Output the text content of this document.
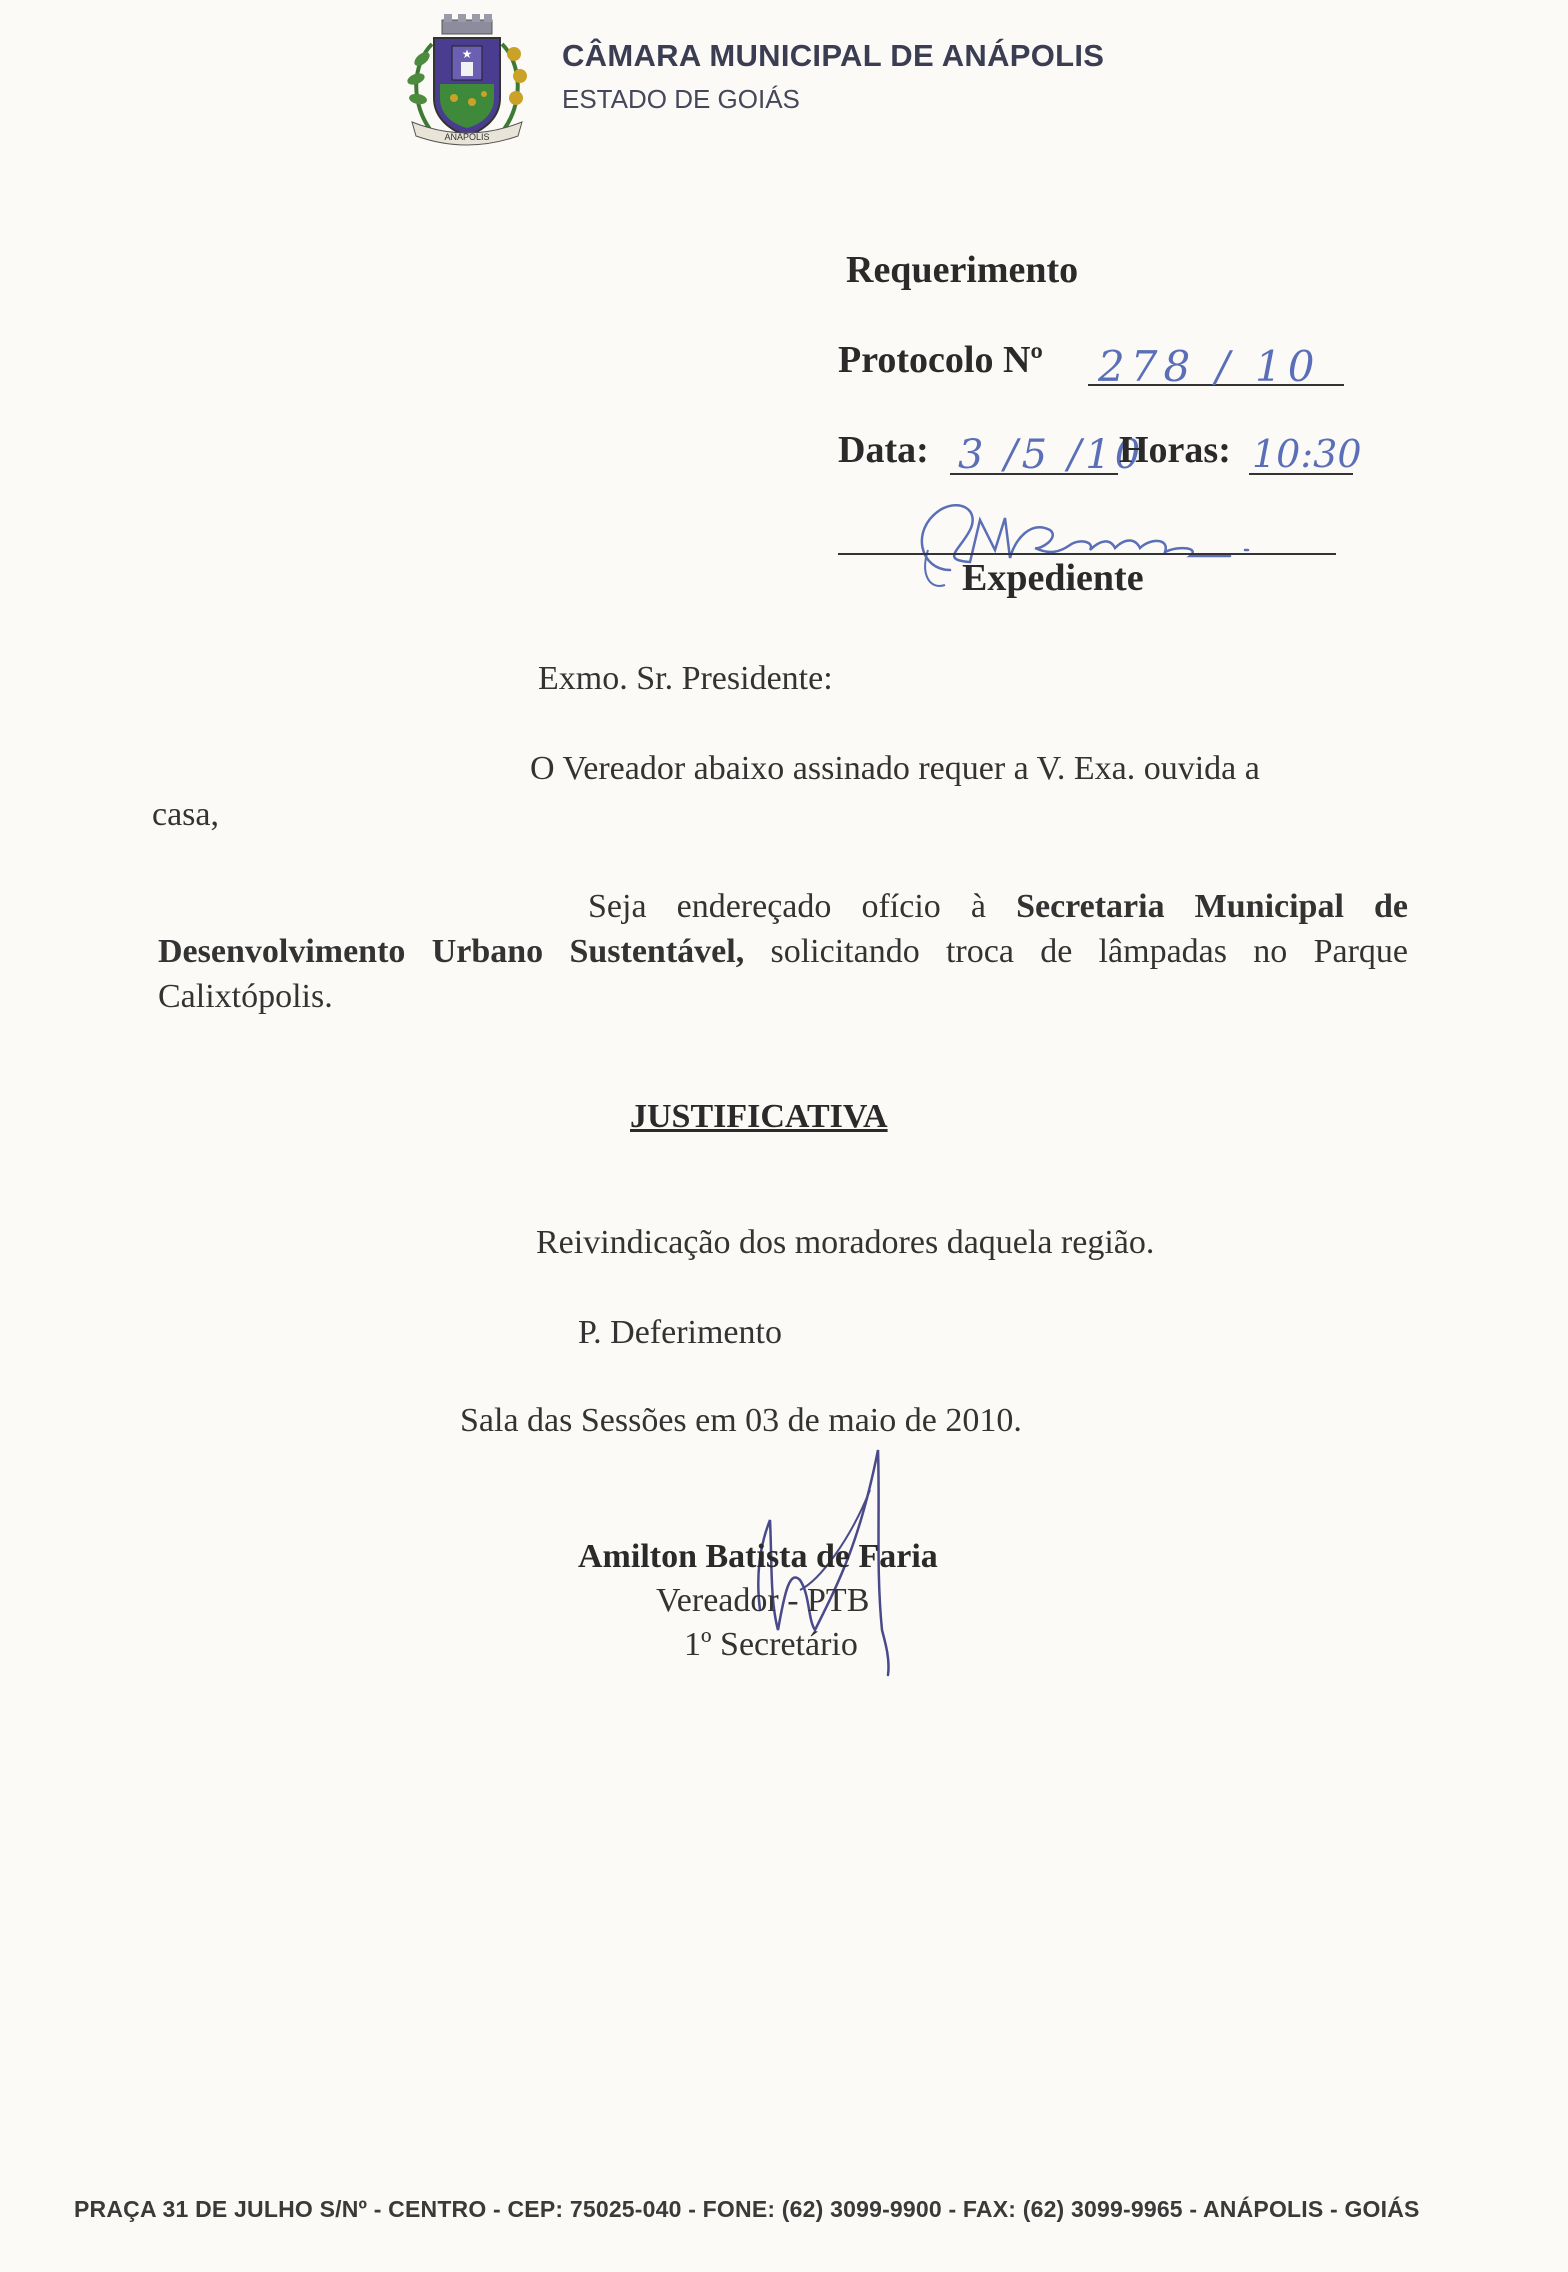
★
ANÁPOLIS
CÂMARA MUNICIPAL DE ANÁPOLIS
ESTADO DE GOIÁS
Requerimento
Protocolo Nº 278 / 10
Data: 3 /5 /10
Horas: 10:30
Expediente
Exmo. Sr. Presidente:
O Vereador abaixo assinado requer a V. Exa. ouvida a
casa,
Seja endereçado ofício à Secretaria Municipal de Desenvolvimento Urbano Sustentável, solicitando troca de lâmpadas no Parque Calixtópolis.
JUSTIFICATIVA
Reivindicação dos moradores daquela região.
P. Deferimento
Sala das Sessões em 03 de maio de 2010.
Amilton Batista de Faria
Vereador - PTB
1º Secretário
PRAÇA 31 DE JULHO S/Nº - CENTRO - CEP: 75025-040 - FONE: (62) 3099-9900 - FAX: (62) 3099-9965 - ANÁPOLIS - GOIÁS
